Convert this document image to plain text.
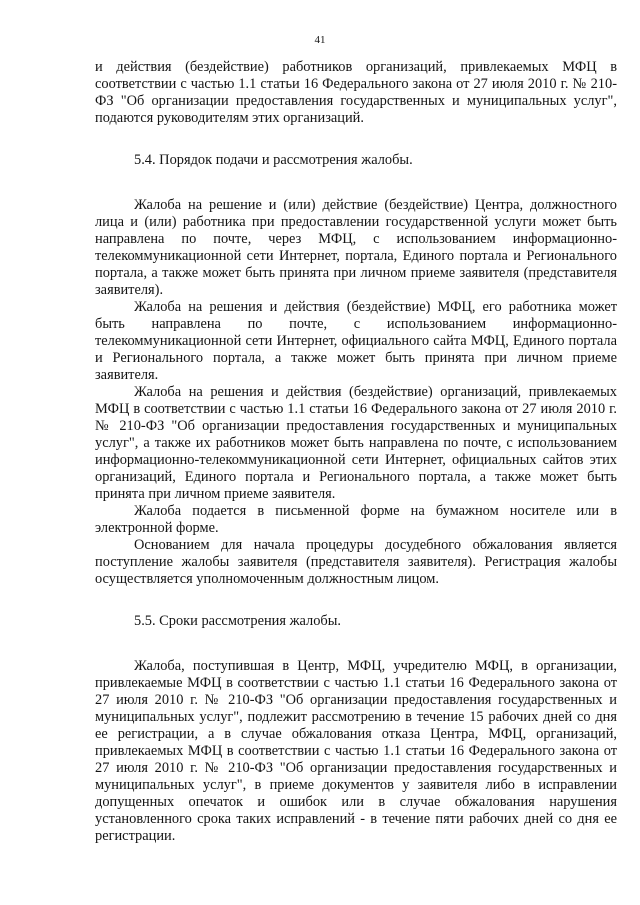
41

и действия (бездействие) работников организаций, привлекаемых МФЦ в соответствии с частью 1.1 статьи 16 Федерального закона от 27 июля 2010 г. № 210-ФЗ "Об организации предоставления государственных и муниципальных услуг", подаются руководителям этих организаций.

5.4. Порядок подачи и рассмотрения жалобы.

Жалоба на решение и (или) действие (бездействие) Центра, должностного лица и (или) работника при предоставлении государственной услуги может быть направлена по почте, через МФЦ, с использованием информационно-телекоммуникационной сети Интернет, портала, Единого портала и Регионального портала, а также может быть принята при личном приеме заявителя (представителя заявителя).

Жалоба на решения и действия (бездействие) МФЦ, его работника может быть направлена по почте, с использованием информационно-телекоммуникационной сети Интернет, официального сайта МФЦ, Единого портала и Регионального портала, а также может быть принята при личном приеме заявителя.

Жалоба на решения и действия (бездействие) организаций, привлекаемых МФЦ в соответствии с частью 1.1 статьи 16 Федерального закона от 27 июля 2010 г. № 210-ФЗ "Об организации предоставления государственных и муниципальных услуг", а также их работников может быть направлена по почте, с использованием информационно-телекоммуникационной сети Интернет, официальных сайтов этих организаций, Единого портала и Регионального портала, а также может быть принята при личном приеме заявителя.

Жалоба подается в письменной форме на бумажном носителе или в электронной форме.

Основанием для начала процедуры досудебного обжалования является поступление жалобы заявителя (представителя заявителя). Регистрация жалобы осуществляется уполномоченным должностным лицом.

5.5. Сроки рассмотрения жалобы.

Жалоба, поступившая в Центр, МФЦ, учредителю МФЦ, в организации, привлекаемые МФЦ в соответствии с частью 1.1 статьи 16 Федерального закона от 27 июля 2010 г. № 210-ФЗ "Об организации предоставления государственных и муниципальных услуг", подлежит рассмотрению в течение 15 рабочих дней со дня ее регистрации, а в случае обжалования отказа Центра, МФЦ, организаций, привлекаемых МФЦ в соответствии с частью 1.1 статьи 16 Федерального закона от 27 июля 2010 г. № 210-ФЗ "Об организации предоставления государственных и муниципальных услуг", в приеме документов у заявителя либо в исправлении допущенных опечаток и ошибок или в случае обжалования нарушения установленного срока таких исправлений - в течение пяти рабочих дней со дня ее регистрации.
